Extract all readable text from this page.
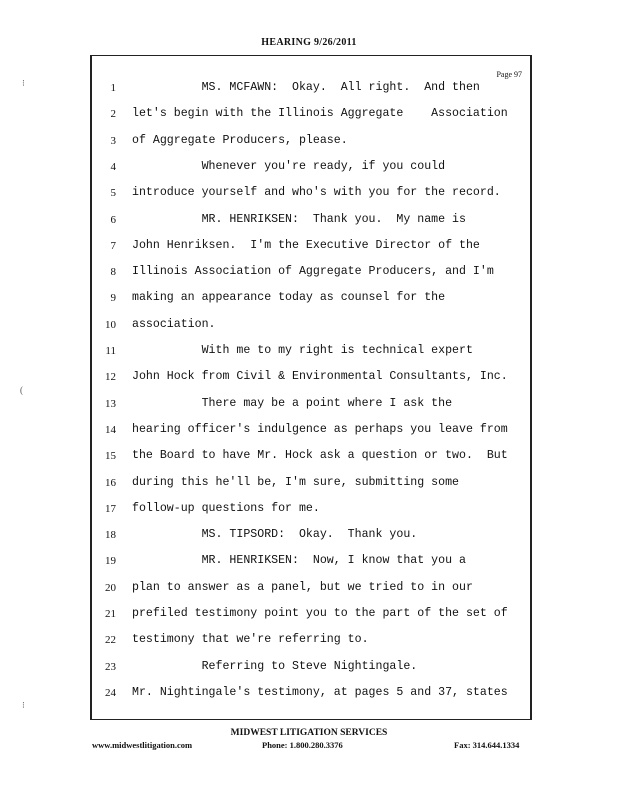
HEARING 9/26/2011
⁝
(
⁝
Page 97
1 MS. MCFAWN:  Okay.  All right.  And then
2 let's begin with the Illinois Aggregate    Association
3 of Aggregate Producers, please.
4 Whenever you're ready, if you could
5 introduce yourself and who's with you for the record.
6 MR. HENRIKSEN:  Thank you.  My name is
7 John Henriksen.  I'm the Executive Director of the
8 Illinois Association of Aggregate Producers, and I'm
9 making an appearance today as counsel for the
10 association.
11 With me to my right is technical expert
12 John Hock from Civil & Environmental Consultants, Inc.
13 There may be a point where I ask the
14 hearing officer's indulgence as perhaps you leave from
15 the Board to have Mr. Hock ask a question or two.  But
16 during this he'll be, I'm sure, submitting some
17 follow-up questions for me.
18 MS. TIPSORD:  Okay.  Thank you.
19 MR. HENRIKSEN:  Now, I know that you a
20 plan to answer as a panel, but we tried to in our
21 prefiled testimony point you to the part of the set of
22 testimony that we're referring to.
23 Referring to Steve Nightingale.
24 Mr. Nightingale's testimony, at pages 5 and 37, states
MIDWEST LITIGATION SERVICES
www.midwestlitigation.com	Phone: 1.800.280.3376	Fax: 314.644.1334
